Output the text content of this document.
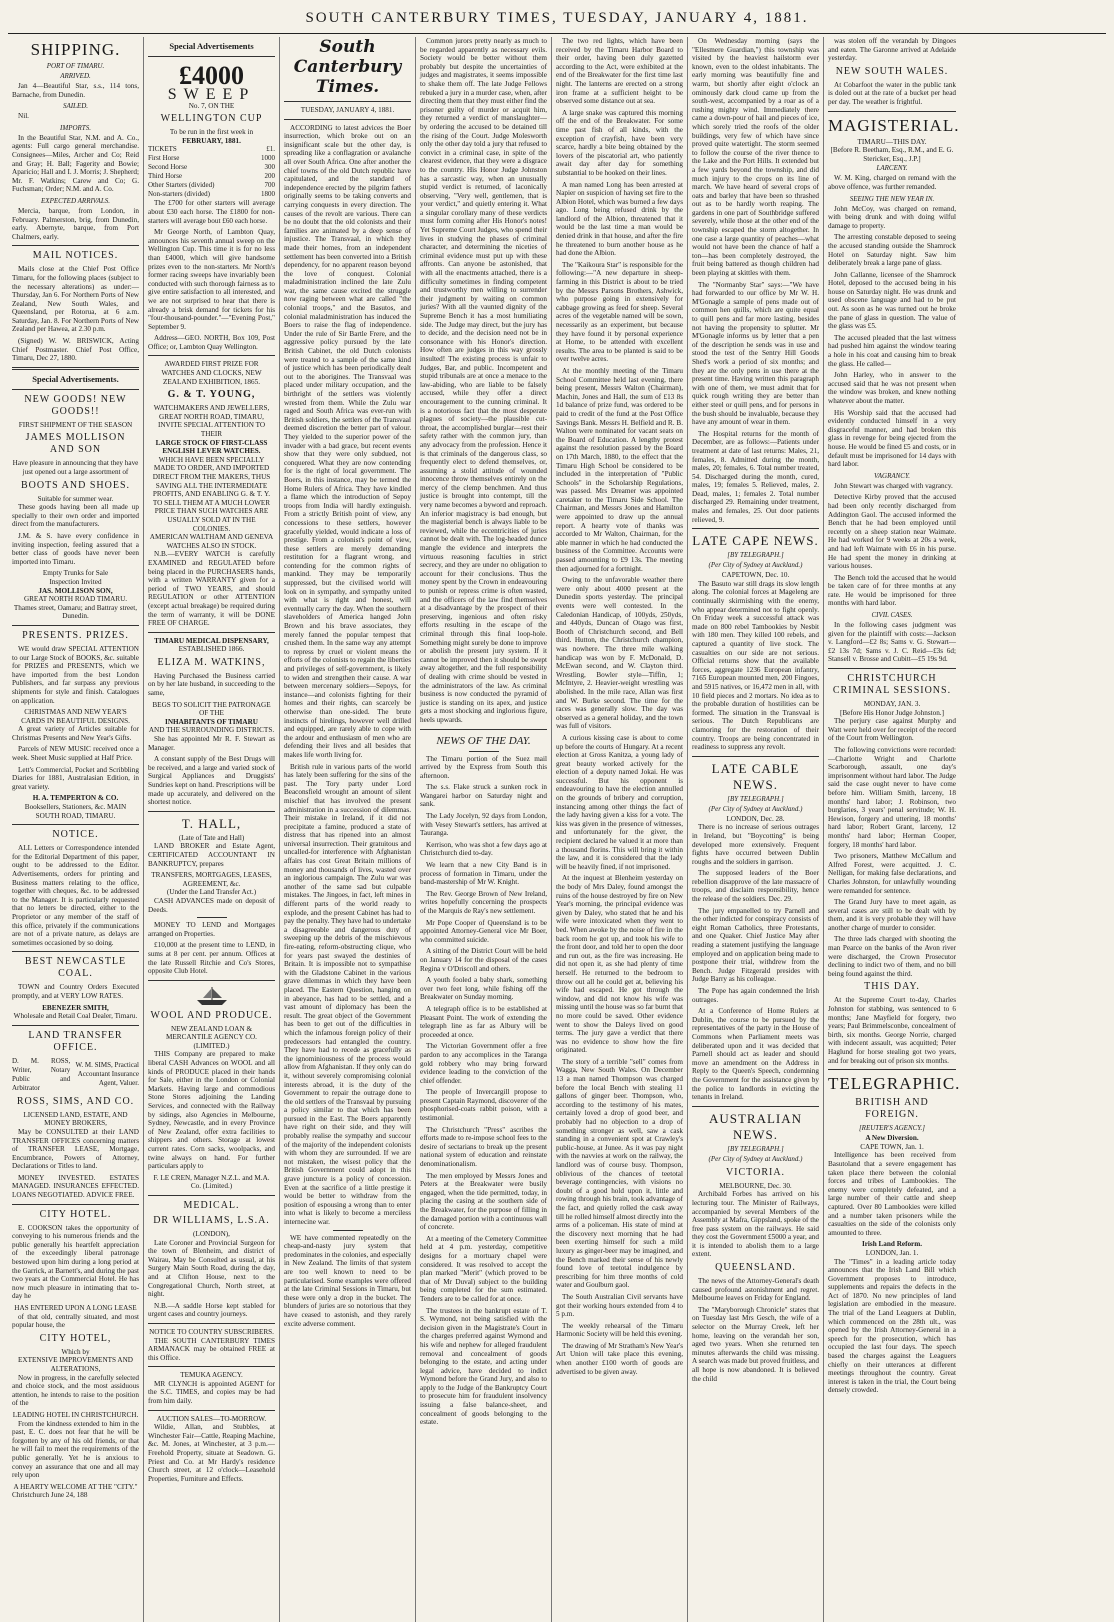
SOUTH CANTERBURY TIMES, TUESDAY, JANUARY 4, 1881.
SHIPPING.
PORT OF TIMARU.
ARRIVED.

Jan 4—Beautiful Star, s.s., 114 tons, Barnache, from Dunedin.

SAILED.

Nil.

IMPORTS.

In the Beautiful Star, N.M. and A. Co., agents: Full cargo general merchandise. Consignees—Miles, Archer and Co; Reid and Gray; H. Ball; Fagerity and Bowie; Aparicio; Hall and I. J. Morris; J. Shepherd; Mr. F. Watkins; Carew and Co; G. Fuchsman; Order; N.M. and A. Co.

EXPECTED ARRIVALS.

Mercia, barque, from London, in February. Palmerston, brig, from Dunedin, early. Abernyte, barque, from Port Chalmers, early.

MAIL NOTICES.

Mails close at the Chief Post Office Timaru, for the following places (subject to the necessary alterations) as under:— Thursday, Jan 6. For Northern Ports of New Zealand, New South Wales, and Queensland, per Rotorua, at 6 a.m. Saturday, Jan. 8. For Northern Ports of New Zealand per Hawea, at 2.30 p.m.

(Signed) W. W. BRISWICK, Acting Chief Postmaster. Chief Post Office, Timaru, Dec 27, 1880.

Special Advertisements.
NEW GOODS! NEW GOODS!!
FIRST SHIPMENT OF THE SEASON
JAMES MOLLISON AND SON
Have pleasure in announcing that they have just opened out a large assortment of
BOOTS AND SHOES.
Suitable for summer wear.

These goods having been all made up specially to their own order and imported direct from the manufacturers.

J.M. & S. have every confidence in inviting inspection, feeling assured that a better class of goods have never been imported into Timaru.

Empty Trunks for Sale
Inspection Invited
JAS. MOLLISON SON,
GREAT NORTH ROAD TIMARU. Thames street, Oamaru; and Battray street, Dunedin.
PRESENTS. PRIZES.

WE would draw SPECIAL ATTENTION to our Large Stock of BOOKS, &c. suitable for PRIZES and PRESENTS, which we have imported from the best London Publishers, and far surpass any previous shipments for style and finish. Catalogues on application.

CHRISTMAS AND NEW YEAR'S CARDS IN BEAUTIFUL DESIGNS.

A great variety of Articles suitable for Christmas Presents and New Year's Gifts.

Parcels of NEW MUSIC received once a week. Sheet Music supplied at Half Price.

Lett's Commercial, Pocket and Scribbling Diaries for 1881, Australasian Edition, in great variety.

H. A. TEMPERTON & CO.
Booksellers, Stationers, &c. MAIN SOUTH ROAD, TIMARU.
NOTICE.

ALL Letters or Correspondence intended for the Editorial Department of this paper, ought to be addressed to the Editor. Advertisements, orders for printing and Business matters relating to the office, together with cheques, &c. to be addressed to the Manager. It is particularly requested that no letters be directed, either to the Proprietor or any member of the staff of this office, privately if the communications are not of a private nature, as delays are sometimes occasioned by so doing.

BEST NEWCASTLE COAL.

TOWN and Country Orders Executed promptly, and at VERY LOW RATES.

EBENEZER SMITH,
Wholesale and Retail Coal Dealer, Timaru.
LAND TRANSFER OFFICE.
D. M. ROSS, Writer, Notary Public and Arbitrator	W. M. SIMS, Practical Accountant Insurance Agent, Valuer.
ROSS, SIMS, AND CO.
LICENSED LAND, ESTATE, AND MONEY BROKERS,

May be CONSULTED at their LAND TRANSFER OFFICES concerning matters of TRANSFER LEASE, Mortgage, Encumbrance, Powers of Attorney, Declarations or Titles to land.

MONEY INVESTED. ESTATES MANAGED. INSURANCES EFFECTED. LOANS NEGOTIATED. ADVICE FREE.

CITY HOTEL.

E. COOKSON takes the opportunity of conveying to his numerous friends and the public generally his heartfelt appreciation of the exceedingly liberal patronage bestowed upon him during a long period at the Garrick, at Barnett's, and during the past two years at the Commercial Hotel. He has now much pleasure in intimating that to-day he

HAS ENTERED UPON A LONG LEASE

of that old, centrally situated, and most popular house, the

CITY HOTEL,
Which by
EXTENSIVE IMPROVEMENTS AND ALTERATIONS,

Now in progress, in the carefully selected and choice stock, and the most assiduous attention, he intends to raise to the position of the

LEADING HOTEL IN CHRISTCHURCH.

From the kindness extended to him in the past, E. C. does not fear that he will be forgotten by any of his old friends, or that he will fail to meet the requirements of the public generally. Yet he is anxious to convey an assurance that one and all may rely upon

A HEARTY WELCOME AT THE "CITY."
Christchurch June 24, 188
Special Advertisements
£4000 SWEEP
No. 7, ON THE
WELLINGTON CUP
To be run in the first week in
FEBRUARY, 1881.
TICKETS	£1.
First Horse	1000
Second Horse	300
Third Horse	200
Other Starters (divided)	700
Non-starters (divided)	1800

The £700 for other starters will average about £30 each horse. The £1800 for non-starters will average bout £60 each horse.

Mr George North, of Lambton Quay, announces his seventh annual sweep on the Wellington Cup. This time it is for no less than £4000, which will give handsome prizes even to the non-starters. Mr North's former racing sweeps have invariably been conducted with such thorough fairness as to give entire satisfaction to all interested, and we are not surprised to hear that there is already a brisk demand for tickets for his "four-thousand-pounder."—"Evening Post," September 9.

Address—GEO. NORTH, Box 109, Post Office; or, Lambton Quay Wellington.

AWARDED FIRST PRIZE FOR WATCHES AND CLOCKS, NEW ZEALAND EXHIBITION, 1865.
G. & T. YOUNG,
WATCHMAKERS AND JEWELLERS, GREAT NORTH ROAD, TIMARU, INVITE SPECIAL ATTENTION TO THEIR
LARGE STOCK OF FIRST-CLASS ENGLISH LEVER WATCHES.
WHICH HAVE BEEN SPECIALLY MADE TO ORDER, AND IMPORTED DIRECT FROM THE MAKERS, THUS SAVING ALL THE INTERMEDIATE PROFITS, AND ENABLING G. & T. Y. TO SELL THEM AT A MUCH LOWER PRICE THAN SUCH WATCHES ARE USUALLY SOLD AT IN THE COLONIES.
AMERICAN WALTHAM AND GENEVA WATCHES ALSO IN STOCK.

N.B.—EVERY WATCH is carefully EXAMINED and REGULATED before being placed in the PURCHASERS hands, with a written WARRANTY given for a period of TWO YEARS, and should REGULATION or other ATTENTION (except actual breakage) be required during the term of warranty, it will be DONE FREE OF CHARGE.

TIMARU MEDICAL DISPENSARY,
ESTABLISHED 1866.
ELIZA M. WATKINS,

Having Purchased the Business carried on by her late husband, in succeeding to the same,

BEGS TO SOLICIT THE PATRONAGE OF THE
INHABITANTS OF TIMARU
AND THE SURROUNDING DISTRICTS.

She has appointed Mr R. F. Stewart as Manager.

A constant supply of the Best Drugs will be received, and a large and varied stock of Surgical Appliances and Druggists' Sundries kept on hand. Prescriptions will be made up accurately, and delivered on the shortest notice.

T. HALL,
(Late of Tate and Hall)

LAND BROKER and Estate Agent, CERTIFICATED ACCOUNTANT IN BANKRUPTCY, prepares

TRANSFERS, MORTGAGES, LEASES, AGREEMENT, &c.
(Under the Land Transfer Act.)

CASH ADVANCES made on deposit of Deeds.

MONEY TO LEND and Mortgages arranged on Properties.

£10,000 at the present time to LEND, in sums at 8 per cent. per annum. Offices at the late Russell Ritchie and Co's Stores, opposite Club Hotel.

WOOL AND PRODUCE.
NEW ZEALAND LOAN & MERCANTILE AGENCY CO. (LIMITED.)

THIS Company are prepared to make liberal CASH Advances on WOOL and all kinds of PRODUCE placed in their hands for Sale, either in the London or Colonial Markets. Having large and commodious Stone Stores adjoining the Landing Services, and connected with the Railway by sidings, also Agencies in Melbourne, Sydney, Newcastle, and in every Province of New Zealand, offer extra facilities to shippers and others. Storage at lowest current rates. Corn sacks, woolpacks, and twine always on hand. For further particulars apply to

F. LE CREN, Manager N.Z.L. and M.A. Co. (Limited.)
MEDICAL.
DR WILLIAMS, L.S.A.
(LONDON),

Late Coroner and Provincial Surgeon for the town of Blenheim, and district of Wairau, May be Consulted as usual, at his Surgery Main South Road, during the day, and at Clifton House, next to the Congregational Church, North street, at night.

N.B.—A saddle Horse kept stabled for urgent cases and country journeys.

NOTICE TO COUNTRY SUBSCRIBERS.

THE SOUTH CANTERBURY TIMES ARMANACK may be obtained FREE at this Office.

TEMUKA AGENCY.

MR CLYNCH is appointed AGENT for the S.C. TIMES, and copies may be had from him daily.

AUCTION SALES—TO-MORROW.

Wildie, Allan, and Stubbles, at Winchester Fair—Cattle, Reaping Machine, &c. M. Jones, at Winchester, at 3 p.m.—Freehold Property, situate at Seadown. G. Priest and Co. at Mr Hardy's residence Church street, at 12 o'clock—Leasehold Properties, Furniture and Effects.

South Canterbury Times.
TUESDAY, JANUARY 4, 1881.

ACCORDING to latest advices the Boer insurrection, which broke out on an insignificant scale but the other day, is spreading like a conflagration or avalanche all over South Africa. One after another the chief towns of the old Dutch republic have capitulated, and the standard of independence erected by the pilgrim fathers originally seems to be taking converts and carrying conquests in every direction. The causes of the revolt are various. There can be no doubt that the old colonists and their families are animated by a deep sense of injustice. The Transvaal, in which they made their homes, from an independent settlement has been converted into a British dependency, for no apparent reason beyond the love of conquest. Colonial maladministration inclined the late Zulu war, the same cause excited the struggle now raging between what are called "the colonial troops," and the Basutos, and colonial maladministration has induced the Boers to raise the flag of independence. Under the rule of Sir Bartle Frere, and the aggressive policy pursued by the late British Cabinet, the old Dutch colonists were treated to a sample of the same kind of justice which has been periodically dealt out to the aborigines. The Transvaal was placed under military occupation, and the birthright of the settlers was violently wrested from them. While the Zulu war raged and South Africa was ever-run with British soldiers, the settlers of the Transvaal deemed discretion the better part of valour. They yielded to the superior power of the invader with a bad grace, but recent events show that they were only subdued, not conquered. What they are now contending for is the right of local government. The Boers, in this instance, may be termed the Home Rulers of Africa. They have kindled a flame which the introduction of Sepoy troops from India will hardly extinguish. From a strictly British point of view, any concessions to these settlers, however gracefully yielded, would indicate a loss of prestige. From a colonist's point of view, these settlers are merely demanding restitution for a flagrant wrong, and contending for the common rights of mankind. They may be temporarily suppressed, but the civilised world will look on in sympathy, and sympathy united with what is right and honest, will eventually carry the day. When the southern slaveholders of America hanged John Brown and his brave associates, they merely fanned the popular tempest that crushed them. In the same way any attempt to repress by cruel or violent means the efforts of the colonists to regain the liberties and privileges of self-government, is likely to widen and strengthen their cause. A war between mercenary soldiers—Sepoys, for instance—and colonists fighting for their homes and their rights, can scarcely be otherwise than one-sided. The brute instincts of hirelings, however well drilled and equipped, are rarely able to cope with the ardour and enthusiasm of men who are defending their lives and all besides that makes life worth living for.

British rule in various parts of the world has lately been suffering for the sins of the past. The Tory party under Lord Beaconsfield wrought an amount of silent mischief that has involved the present administration in a succession of dilemmas. Their mistake in Ireland, if it did not precipitate a famine, produced a state of distress that has ripened into an almost universal insurrection. Their gratuitous and uncalled-for interference with Afghanistan affairs has cost Great Britain millions of money and thousands of lives, wasted over an inglorious campaign. The Zulu war was another of the same sad but culpable mistakes. The Jingoes, in fact, left mines in different parts of the world ready to explode, and the present Cabinet has had to pay the penalty. They have had to undertake a disagreeable and dangerous duty of sweeping up the debris of the mischievous fire-eating, reform-obstructing clique, who for years past swayed the destinies of Britain. It is impossible not to sympathise with the Gladstone Cabinet in the various grave dilemmas in which they have been placed. The Eastern Question, hanging on in abeyance, has had to be settled, and a vast amount of diplomacy has been the result. The great object of the Government has been to get out of the difficulties in which the infamous foreign policy of their predecessors had entangled the country. They have had to recede as gracefully as the ignominiousness of the process would allow from Afghanistan. If they only can do it, without severely compromising colonial interests abroad, it is the duty of the Government to repair the outrage done to the old settlers of the Transvaal by pursuing a policy similar to that which has been pursued in the East. The Boers apparently have right on their side, and they will probably realise the sympathy and succour of the majority of the independent colonists with whom they are surrounded. If we are not mistaken, the wisest policy that the British Government could adopt in this grave juncture is a policy of concession. Even at the sacrifice of a little prestige it would be better to withdraw from the position of espousing a wrong than to enter into what is likely to become a merciless internecine war.

WE have commented repeatedly on the cheap-and-nasty jury system that predominates in the colonies, and especially in New Zealand. The limits of that system are too well known to need to be particularised. Some examples were offered at the late Criminal Sessions in Timaru, but these were only a drop in the bucket. The blunders of juries are so notorious that they have ceased to astonish, and they rarely excite adverse comment.

Common jurors pretty nearly as much to be regarded apparently as necessary evils. Society would be better without them probably but despite the uncertainties of judges and magistrates, it seems impossible to shake them off. The late Judge Fellows rebuked a jury in a murder case, when, after directing them that they must either find the prisoner guilty of murder or acquit him, they returned a verdict of manslaughter—by ordering the accused to be detained till the rising of the Court. Judge Molesworth only the other day told a jury that refused to convict in a criminal case, in spite of the clearest evidence, that they were a disgrace to the country. His Honor Judge Johnston has a sarcastic way, when an unusually stupid verdict is returned, of laconically observing, "Very well, gentlemen, that is your verdict," and quietly entering it. What a singular corollary many of these verdicts must form coming after His Honor's notes! Yet Supreme Court Judges, who spend their lives in studying the phases of criminal character, and determining the niceties of criminal evidence must put up with these affronts. Can anyone be astonished, that with all the enactments attached, there is a difficulty sometimes in finding competent and trustworthy men willing to surrender their judgment by waiting on common juries? With all the vaunted dignity of the Supreme Bench it has a most humiliating side. The Judge may direct, but the jury has to decide, and the decision need not be in consonance with his Honor's direction. How often are judges in this way grossly insulted! The existing process is unfair to Judges, Bar, and public. Incompetent and stupid tribunals are at once a menace to the law-abiding, who are liable to be falsely accused, while they offer a direct encouragement to the cunning criminal. It is a notorious fact that the most desperate plagues of society—the plausible cut-throat, the accomplished burglar—rest their safety rather with the common jury, than any advocacy from the profession. Hence it is that criminals of the dangerous class, so frequently elect to defend themselves, or, assuming a stolid attitude of wounded innocence throw themselves entirely on the mercy of the clemp benchmen. And thus justice is brought into contempt, till the very name becomes a byword and reproach. An inferior magistracy is bad enough, but the magisterial bench is always liable to be reviewed, while the eccentricities of juries cannot be dealt with. The log-headed dunce mangle the evidence and interprets the virtuous reasoning faculties in strict secrecy, and they are under no obligation to account for their conclusions. Thus the money spent by the Crown in endeavouring to punish or repress crime is often wasted, and the officers of the law find themselves at a disadvantage by the prospect of their preserving, ingenious and often risky efforts resulting in the escape of the criminal through this final loop-hole. Something might surely be done to improve or abolish the present jury system. If it cannot be improved then it should be swept away altogether, and the full responsibility of dealing with crime should be vested in the administrators of the law. As criminal business is now conducted the pyramid of justice is standing on its apex, and justice gets a most shocking and inglorious figure, heels upwards.

NEWS OF THE DAY.

The Timaru portion of the Suez mail arrived by the Express from South this afternoon.

The s.s. Flake struck a sunken rock in Wangarei harbor on Saturday night and sank.

The Lady Jocelyn, 92 days from London, with Vesey Stewart's settlers, has arrived at Tauranga.

Kerrison, who was shot a few days ago at Christchurch died to-day.

We learn that a new City Band is in process of formation in Timaru, under the band-mastership of Mr W. Knight.

The Rev. George Brown of New Ireland, writes hopefully concerning the prospects of the Marquis de Ray's new settlement.

Mr Pope Cooper of Queensland is to be appointed Attorney-General vice Mr Boer, who committed suicide.

A sitting of the District Court will be held on January 14 for the disposal of the cases Regina v O'Driscoll and others.

A youth fooled a baby shark, something over two feet long, while fishing off the Breakwater on Sunday morning.

A telegraph office is to be established at Pleasant Point. The work of extending the telegraph line as far as Albury will be proceeded at once.

The Victorian Government offer a free pardon to any accomplices in the Taranga gold robbery who may bring forward evidence leading to the conviction of the chief offender.

The people of Invercargill propose to present Captain Raymond, discoverer of the phosphorised-coats rabbit poison, with a testimonial.

The Christchurch "Press" ascribes the efforts made to re-impose school fees to the desire of sectarians to break up the present national system of education and reinstate denominationalism.

The men employed by Messrs Jones and Peters at the Breakwater were busily engaged, when the tide permitted, today, in placing the casing at the southern side of the Breakwater, for the purpose of filling in the damaged portion with a continuous wall of concrete.

At a meeting of the Cemetery Committee held at 4 p.m. yesterday, competitive designs for a mortuary chapel were considered. It was resolved to accept the plan marked "Merit" (which proved to be that of Mr Duval) subject to the building being completed for the sum estimated. Tenders are to be called for at once.

The trustees in the bankrupt estate of T. S. Wymond, not being satisfied with the decision given in the Magistrate's Court in the charges preferred against Wymond and his wife and nephew for alleged fraudulent removal and concealment of goods belonging to the estate, and acting under legal advice, have decided to indict Wymond before the Grand Jury, and also to apply to the Judge of the Bankruptcy Court to prosecute him for fraudulent insolvency issuing a false balance-sheet, and concealment of goods belonging to the estate.

The two red lights, which have been received by the Timaru Harbor Board to their order, having been duly gazetted according to the Act, were exhibited at the end of the Breakwater for the first time last night. The lanterns are erected on a strong iron frame at a sufficient height to be observed some distance out at sea.

A large snake was captured this morning off the end of the Breakwater. For some time past fish of all kinds, with the exception of crayfish, have been very scarce, hardly a bite being obtained by the lovers of the piscatorial art, who patiently await day after day for something substantial to be hooked on their lines.

A man named Long has been arrested at Napier on suspicion of having set fire to the Albion Hotel, which was burned a few days ago. Long being refused drink by the landlord of the Albion, threatened that it would be the last time a man would be denied drink in that house, and after the fire he threatened to burn another house as he had done the Albion.

The "Kaikoura Star" is responsible for the following:—"A new departure in sheep-farming in this District is about to be tried by the Messrs Parsons Brothers, Ashwick, who purpose going in extensively for cabbage growing as feed for sheep. Several acres of the vegetable named will be sown, necessarily as an experiment, but because they have found it by personal experience at Home, to be attended with excellent results. The area to be planted is said to be over twelve acres.

At the monthly meeting of the Timaru School Committee held last evening, there being present, Messrs Walton (Chairman), Machin, Jones and Hall, the sum of £13 8s 1d balance of prize fund, was ordered to be paid to credit of the fund at the Post Office Savings Bank. Messrs H. Belfield and R. B. Walton were nominated for vacant seats on the Board of Education. A lengthy protest against the resolution passed by the Board on 17th March, 1880, to the effect that the Timaru High School be considered to be included in the interpretation of "Public Schools" in the Scholarship Regulations, was passed. Mrs Dreamer was appointed caretaker to the Timaru Side School. The Chairman, and Messrs Jones and Hamilton were appointed to draw up the annual report. A hearty vote of thanks was accorded to Mr Walton, Chairman, for the able manner in which he had conducted the business of the Committee. Accounts were passed amounting to £9 13s. The meeting then adjourned for a fortnight.

Owing to the unfavorable weather there were only about 4000 present at the Dunedin sports yesterday. The principal events were well contested. In the Caledonian Handicap, of 100yds, 250yds, and 440yds, Duncan of Otago was first, Booth of Christchurch second, and Bell third. Hutton, the Christchurch champion, was nowhere. The three mile walking handicap was won by F. McDonald, D. McEwan second, and W. Clayton third. Wrestling, Bowler style—Tiffin, 1; McIntyre, 2. Heavier-weight wrestling was abolished. In the mile race, Allan was first and W. Burke second. The time for the races was generally slow. The day was observed as a general holiday, and the town was full of visitors.

A curious kissing case is about to come up before the courts of Hungary. At a recent election at Gross Kanitza, a young lady of great beauty worked actively for the election of a deputy named Jokai. He was successful. But his opponent is endeavouring to have the election annulled on the grounds of bribery and corruption, instancing among other things the fact of the lady having given a kiss for a vote. The kiss was given in the presence of witnesses, and unfortunately for the giver, the recipient declared he valued it at more than a thousand florins. This will bring it within the law, and it is considered that the lady will be heavily fined, if not imprisoned.

At the inquest at Blenheim yesterday on the body of Mrs Daley, found amongst the ruins of the house destroyed by fire on New Year's morning, the principal evidence was given by Daley, who stated that he and his wife were intoxicated when they went to bed. When awoke by the noise of fire in the back room he got up, and took his wife to the front door, and told her to open the door and run out, as the fire was increasing. He did not open it, as she had plenty of time herself. He returned to the bedroom to throw out all he could get at, believing his wife had escaped. He got through the window, and did not know his wife was missing until the house was so far burnt that no more could be saved. Other evidence went to show the Daleys lived on good terms. The jury gave a verdict that there was no evidence to show how the fire originated.

The story of a terrible "sell" comes from Wagga, New South Wales. On December 13 a man named Thompson was charged before the local Bench with stealing 11 gallons of ginger beer. Thompson, who, according to the testimony of his mates, certainly loved a drop of good beer, and probably had no objection to a drop of something stronger as well, saw a cask standing in a convenient spot at Crawley's public-house, at Junee. As it was pay night with the navvies at work on the railway, the landlord was of course busy. Thompson, oblivious of the chances of teetotal beverage contingencies, with visions no doubt of a good hold upon it, little and rowing through his brain, took advantage of the fact, and quietly rolled the cask away till he rolled himself almost directly into the arms of a policeman. His state of mind at the discovery next morning that he had been exerting himself for such a mild luxury as ginger-beer may be imagined, and the Bench marked their sense of his newly found love of teetotal indulgence by prescribing for him three months of cold water and Goulburn gaol.

The South Australian Civil servants have got their working hours extended from 4 to 5 p.m.

The weekly rehearsal of the Timaru Harmonic Society will be held this evening.

The drawing of Mr Stratham's New Year's Art Union will take place this evening, when another £100 worth of goods are advertised to be given away.

On Wednesday morning (says the "Ellesmere Guardian,") this township was visited by the heaviest hailstorm ever known, even to the oldest inhabitants. The early morning was beautifully fine and warm, but shortly after eight o'clock an ominously dark cloud came up from the south-west, accompanied by a roar as of a rushing mighty wind. Immediately there came a down-pour of hail and pieces of ice, which sorely tried the roofs of the older buildings, very few of which have since proved quite watertight. The storm seemed to follow the course of the river thence to the Lake and the Port Hills. It extended but a few yards beyond the township, and did much injury to the crops on its line of march. We have heard of several crops of oats and barley that have been so thrashed out as to be hardly worth reaping. The gardens in one part of Southbridge suffered severely, while those at the other end of the township escaped the storm altogether. In one case a large quantity of peaches—what would not have been the chance of half a ton—has been completely destroyed, the fruit being battered as though children had been playing at skittles with them.

The "Normanby Star" says:—"We have had forwarded to our office by Mr W. H. M'Gonagle a sample of pens made out of common hen quills, which are quite equal to quill pens and far more lasting, besides not having the propensity to splutter. Mr M'Gonagle informs us by letter that a pen of the description he sends was in use and stood the test of the Sentry Hill Goods Shed's work a period of six months; and they are the only pens in use there at the present time. Having written this paragraph with one of them, we must admit that for quick rough writing they are better than either steel or quill pens, and for persons in the bush should be invaluable, because they have any amount of wear in them.

The Hospital returns for the month of December, are as follows:—Patients under treatment at date of last returns: Males, 21, females, 8. Admitted during the month, males, 20; females, 6. Total number treated, 54. Discharged during the month, cured, males, 19; females 5. Relieved, males, 2. Dead, males, 1; females 2. Total number discharged 29. Remaining under treatment, males and females, 25. Out door patients relieved, 9.

LATE CAPE NEWS.
[BY TELEGRAPH.]
(Per City of Sydney at Auckland.)
CAPETOWN, Dec. 10.

The Basuto war still drags its slow length along. The colonial forces at Mageleng are continually skirmishing with the enemy, who appear determined not to fight openly. On Friday week a successful attack was made on 800 rebel Tambookies by Nesbit with 180 men. They killed 100 rebels, and captured a quantity of live stock. The casualties on our side are not serious. Official returns show that the available forces, aggregate 1236 European infantry, 7165 European mounted men, 200 Fingoes, and 5915 natives, or 16,472 men in all, with 10 field pieces and 2 mortars. No idea as to the probable duration of hostilities can be formed. The situation in the Transvaal is serious. The Dutch Republicans are clamoring for the restoration of their country. Troops are being concentrated in readiness to suppress any revolt.

LATE CABLE NEWS.
[BY TELEGRAPH.]
(Per City of Sydney at Auckland.)
LONDON, Dec. 28.

There is no increase of serious outrages in Ireland, but "Boycotting" is being developed more extensively. Frequent fights have occurred between Dublin roughs and the soldiers in garrison.

The supposed leaders of the Boer rebellion disapprove of the late massacre of troops, and disclaim responsibility, hence the release of the soldiers. Dec. 29.

The jury empanelled to try Parnell and the other indicted for conspiracy consists of eight Roman Catholics, three Protestants, and one Quaker. Chief Justice May after reading a statement justifying the language employed and on application being made to postpone their trial, withdrew from the Bench. Judge Fitzgerald presides with Judge Barry as his colleague.

The Pope has again condemned the Irish outrages.

At a Conference of Home Rulers at Dublin, the course to be pursued by the representatives of the party in the House of Commons when Parliament meets was deliberated upon and it was decided that Parnell should act as leader and should move an amendment on the Address in Reply to the Queen's Speech, condemning the Government for the assistance given by the police to landlords in evicting the tenants in Ireland.

AUSTRALIAN NEWS.
[BY TELEGRAPH.]
(Per City of Sydney at Auckland.)
VICTORIA.
MELBOURNE, Dec. 30.

Archibald Forbes has arrived on his lecturing tour. The Minister of Railways, accompanied by several Members of the Assembly at Mafra, Gippsland, spoke of the free pass system on the railways. He said they cost the Government £5000 a year, and it is intended to abolish them to a large extent.

QUEENSLAND.

The news of the Attorney-General's death caused profound astonishment and regret. Melbourne leaves on Friday for England.

The "Maryborough Chronicle" states that on Tuesday last Mrs Gesch, the wife of a selector on the Murray Creek, left her home, leaving on the verandah her son, aged two years. When she returned ten minutes afterwards the child was missing. A search was made but proved fruitless, and all hope is now abandoned. It is believed the child

was stolen off the verandah by Dingoes and eaten. The Garonne arrived at Adelaide yesterday.

NEW SOUTH WALES.

At Cobarfoot the water in the public tank is doled out at the rate of a bucket per head per day. The weather is frightful.

MAGISTERIAL.
TIMARU—THIS DAY.
[Before R. Beetham, Esq., R.M., and E. G. Stericker, Esq., J.P.]
LARCENY.

W. M. King, charged on remand with the above offence, was further remanded.

SEEING THE NEW YEAR IN.

John McCoy, was charged on remand, with being drunk and with doing wilful damage to property.

The arresting constable deposed to seeing the accused standing outside the Shamrock Hotel on Saturday night. Saw him deliberately break a large pane of glass.

John Callanne, licensee of the Shamrock Hotel, deposed to the accused being in his house on Saturday night. He was drunk and used obscene language and had to be put out. As soon as he was turned out he broke the pane of glass in question. The value of the glass was £5.

The accused pleaded that the last witness had pushed him against the window tearing a hole in his coat and causing him to break the glass. He called—

John Harley, who in answer to the accused said that he was not present when the window was broken, and knew nothing whatever about the matter.

His Worship said that the accused had evidently conducted himself in a very disgraceful manner, and had broken this glass in revenge for being ejected from the house. He would be fined £5 and costs, or in default must be imprisoned for 14 days with hard labor.

VAGRANCY.

John Stewart was charged with vagrancy.

Detective Kirby proved that the accused had been only recently discharged from Addington Gaol. The accused informed the Bench that he had been employed until recently on a sheep station near Waimate. He had worked for 9 weeks at 20s a week, and had left Waimate with £6 in his purse. He had spent the money in drinking at various houses.

The Bench told the accused that he would be taken care of for three months at any rate. He would be imprisoned for three months with hard labor.

CIVIL CASES.

In the following cases judgment was given for the plaintiff with costs:—Jackson v. Langford—£2 8s; Sams v. G. Stewart—£2 13s 7d; Sams v. J. C. Reid—£3s 6d; Stansell v. Brosse and Cubitt—£5 19s 9d.

CHRISTCHURCH CRIMINAL SESSIONS.
MONDAY, JAN. 3.
[Before His Honor Judge Johnston.]

The perjury case against Murphy and Watt were held over for receipt of the record of the Court from Wellington.

The following convictions were recorded:—Charlotte Wright and Charlotte Scarborough, assault, one day's imprisonment without hard labor. The Judge said the case ought never to have come before him. William Smith, larceny, 18 months' hard labor; J. Robinson, two burglaries, 3 years' penal servitude; W. H. Hewison, forgery and uttering, 18 months' hard labor; Robert Grant, larceny, 12 months' hard labor; Herman Cooper, forgery, 18 months' hard labor.

Two prisoners, Matthew McCallum and Alfred Forest, were acquitted. J. C. Nelligan, for making false declarations, and Charles Johnston, for unlawfully wounding were remanded for sentence.

The Grand Jury have to meet again, as several cases are still to be dealt with by them, and it is very probable they will have another charge of murder to consider.

The three lads charged with shooting the man Pearce on the banks of the Avon river were discharged, the Crown Prosecutor declining to indict two of them, and no bill being found against the third.

THIS DAY.

At the Supreme Court to-day, Charles Johnston for stabbing, was sentenced to 6 months; Jane Mayfield for forgery, two years; Paul Brimmelsconbe, concealment of birth, six months. George Norrie, charged with indecent assault, was acquitted; Peter Haglund for horse stealing got two years, and for breaking out of prison six months.

TELEGRAPHIC.
BRITISH AND FOREIGN.
[REUTER'S AGENCY.]
A New Diversion.
CAPE TOWN, Jan. 1.

Intelligence has been received from Basutoland that a severe engagement has taken place there between the colonial forces and tribes of Lambookies. The enemy were completely defeated, and a large number of their cattle and sheep captured. Over 80 Lambookies were killed and a number taken prisoners while the casualties on the side of the colonists only amounted to three.

Irish Land Reform.
LONDON, Jan. 1.

The "Times" in a leading article today announces that the Irish Land Bill which Government proposes to introduce, supplements and repairs the defects in the Act of 1870. No new principles of land legislation are embodied in the measure. The trial of the Land Leaguers at Dublin, which commenced on the 28th ult., was opened by the Irish Attorney-General in a speech for the prosecution, which has occupied the last four days. The speech based the charges against the Leaguers chiefly on their utterances at different meetings throughout the country. Great interest is taken in the trial, the Court being densely crowded.
